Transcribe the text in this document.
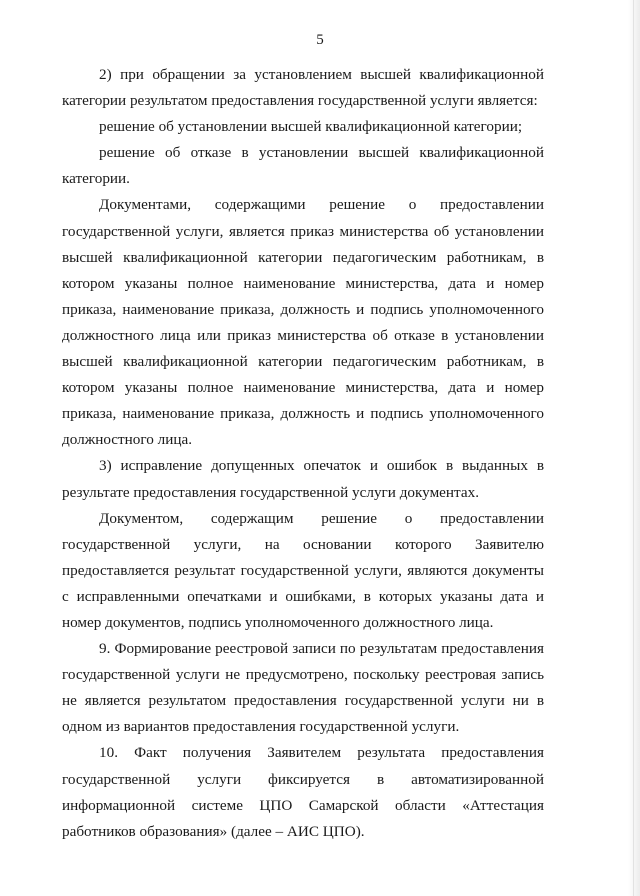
5

2) при обращении за установлением высшей квалификационной категории результатом предоставления государственной услуги является:

решение об установлении высшей квалификационной категории;

решение об отказе в установлении высшей квалификационной категории.

Документами, содержащими решение о предоставлении государственной услуги, является приказ министерства об установлении высшей квалификационной категории педагогическим работникам, в котором указаны полное наименование министерства, дата и номер приказа, наименование приказа, должность и подпись уполномоченного должностного лица или приказ министерства об отказе в установлении высшей квалификационной категории педагогическим работникам, в котором указаны полное наименование министерства, дата и номер приказа, наименование приказа, должность и подпись уполномоченного должностного лица.

3) исправление допущенных опечаток и ошибок в выданных в результате предоставления государственной услуги документах.

Документом, содержащим решение о предоставлении государственной услуги, на основании которого Заявителю предоставляется результат государственной услуги, являются документы с исправленными опечатками и ошибками, в которых указаны дата и номер документов, подпись уполномоченного должностного лица.

9. Формирование реестровой записи по результатам предоставления государственной услуги не предусмотрено, поскольку реестровая запись не является результатом предоставления государственной услуги ни в одном из вариантов предоставления государственной услуги.

10. Факт получения Заявителем результата предоставления государственной услуги фиксируется в автоматизированной информационной системе ЦПО Самарской области «Аттестация работников образования» (далее – АИС ЦПО).
